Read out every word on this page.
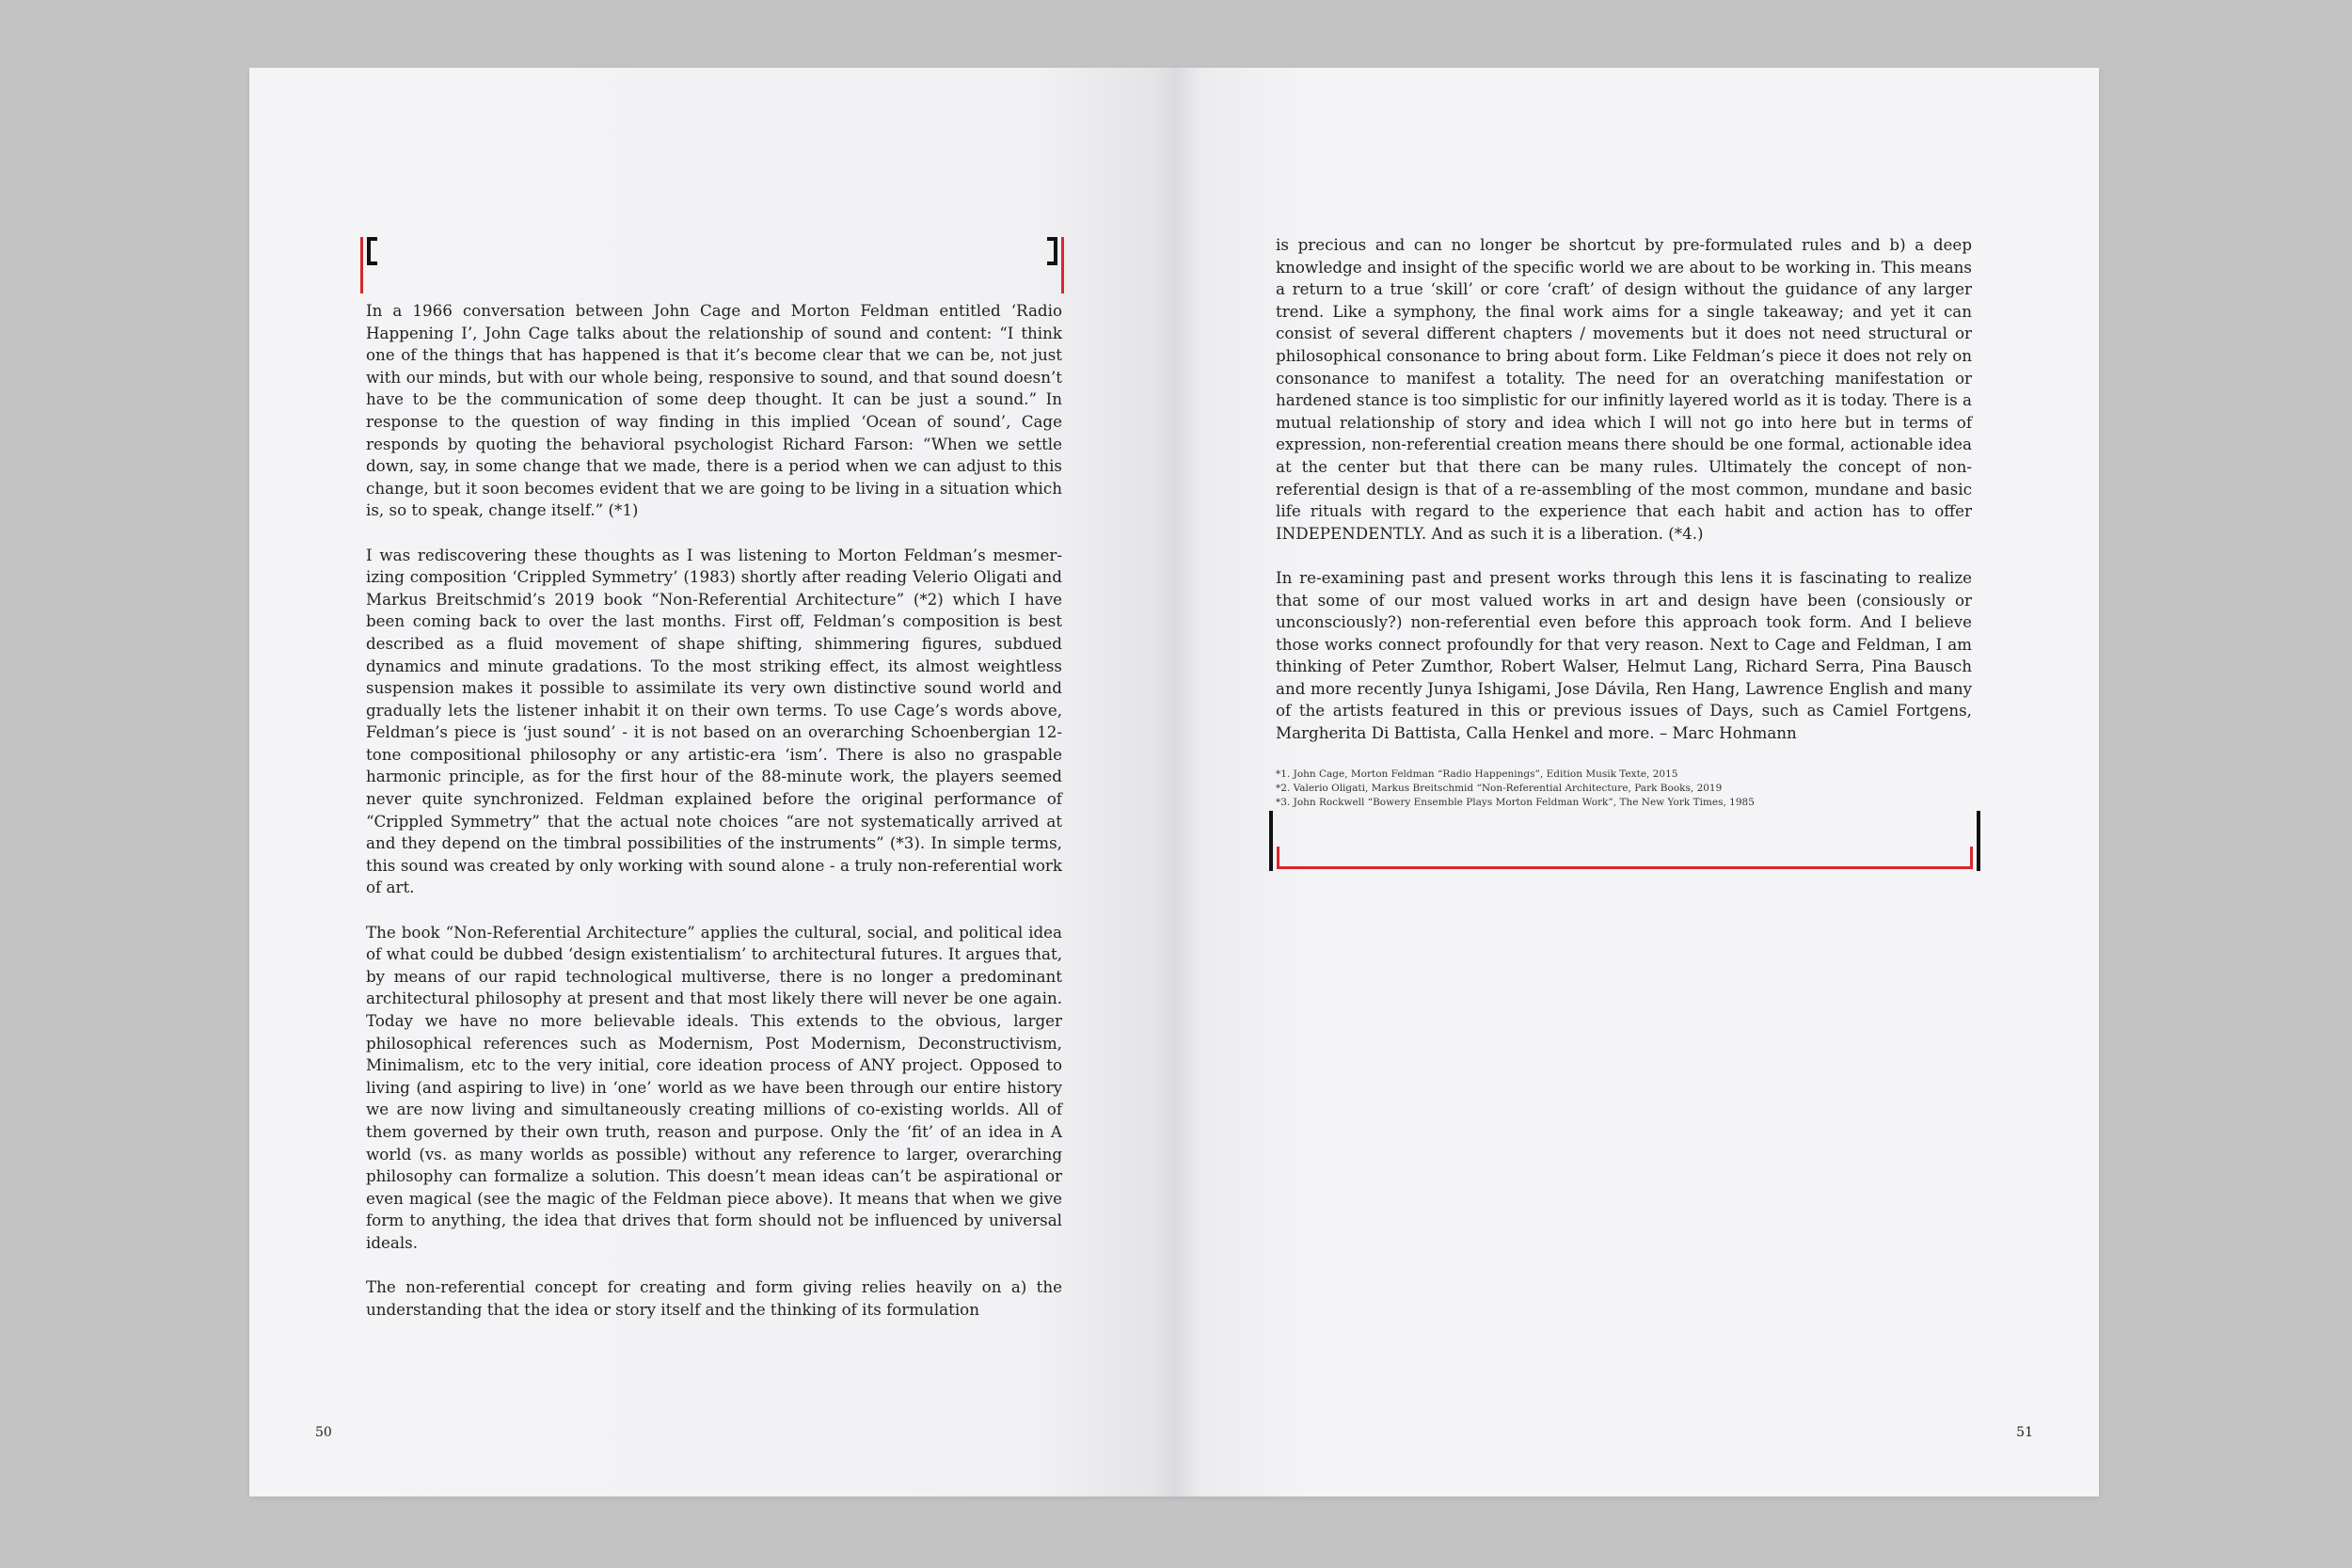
In a 1966 conversation between John Cage and Morton Feldman entitled ‘Radio Happening I’, John Cage talks about the relationship of sound and content: “I think one of the things that has happened is that it’s become clear that we can be, not just with our minds, but with our whole being, responsive to sound, and that sound doesn’t have to be the communication of some deep thought. It can be just a sound.” In response to the question of way finding in this implied ‘Ocean of sound’, Cage responds by quoting the behavioral psychologist Richard Farson: “When we settle down, say, in some change that we made, there is a period when we can adjust to this change, but it soon becomes evident that we are going to be living in a situation which is, so to speak, change itself.” (*1)

I was rediscovering these thoughts as I was listening to Morton Feldman’s mesmerizing composition ‘Crippled Symmetry’ (1983) shortly after reading Velerio Oligati and Markus Breitschmid’s 2019 book “Non-Referential Architecture” (*2) which I have been coming back to over the last months. First off, Feldman’s composition is best described as a fluid movement of shape shifting, shimmering figures, subdued dynamics and minute gradations. To the most striking effect, its almost weightless suspension makes it possible to assimilate its very own distinctive sound world and gradually lets the listener inhabit it on their own terms. To use Cage’s words above, Feldman’s piece is ‘just sound’ - it is not based on an overarching Schoenbergian 12-tone compositional philosophy or any artistic-era ‘ism’. There is also no graspable harmonic principle, as for the first hour of the 88-minute work, the players seemed never quite synchronized. Feldman explained before the original performance of “Crippled Symmetry” that the actual note choices “are not systematically arrived at and they depend on the timbral possibilities of the instruments” (*3). In simple terms, this sound was created by only working with sound alone - a truly non-referential work of art.

The book “Non-Referential Architecture” applies the cultural, social, and political idea of what could be dubbed ‘design existentialism’ to architectural futures. It argues that, by means of our rapid technological multiverse, there is no longer a predominant architectural philosophy at present and that most likely there will never be one again. Today we have no more believable ideals. This extends to the obvious, larger philosophical references such as Modernism, Post Modernism, Deconstructivism, Minimalism, etc to the very initial, core ideation process of ANY project. Opposed to living (and aspiring to live) in ‘one’ world as we have been through our entire history we are now living and simultaneously creating millions of co-existing worlds. All of them governed by their own truth, reason and purpose. Only the ‘fit’ of an idea in A world (vs. as many worlds as possible) without any reference to larger, overarching philosophy can formalize a solution. This doesn’t mean ideas can’t be aspirational or even magical (see the magic of the Feldman piece above). It means that when we give form to anything, the idea that drives that form should not be influenced by universal ideals.

The non-referential concept for creating and form giving relies heavily on a) the understanding that the idea or story itself and the thinking of its formulation

50

is precious and can no longer be shortcut by pre-formulated rules and b) a deep knowledge and insight of the specific world we are about to be working in. This means a return to a true ‘skill’ or core ‘craft’ of design without the guidance of any larger trend. Like a symphony, the final work aims for a single takeaway; and yet it can consist of several different chapters / movements but it does not need structural or philosophical consonance to bring about form. Like Feldman’s piece it does not rely on consonance to manifest a totality. The need for an overatching manifestation or hardened stance is too simplistic for our infinitly layered world as it is today. There is a mutual relationship of story and idea which I will not go into here but in terms of expression, non-referential creation means there should be one formal, actionable idea at the center but that there can be many rules. Ultimately the concept of non-referential design is that of a re-assembling of the most common, mundane and basic life rituals with regard to the experience that each habit and action has to offer INDEPENDENTLY. And as such it is a liberation. (*4.)

In re-examining past and present works through this lens it is fascinating to realize that some of our most valued works in art and design have been (consiously or unconsciously?) non-referential even before this approach took form. And I believe those works connect profoundly for that very reason. Next to Cage and Feldman, I am thinking of Peter Zumthor, Robert Walser, Helmut Lang, Richard Serra, Pina Bausch and more recently Junya Ishigami, Jose Dávila, Ren Hang, Lawrence English and many of the artists featured in this or previous issues of Days, such as Camiel Fortgens, Margherita Di Battista, Calla Henkel and more. – Marc Hohmann

*1. John Cage, Morton Feldman “Radio Happenings”, Edition Musik Texte, 2015
*2. Valerio Oligati, Markus Breitschmid “Non-Referential Architecture, Park Books, 2019
*3. John Rockwell “Bowery Ensemble Plays Morton Feldman Work”, The New York Times, 1985
51
